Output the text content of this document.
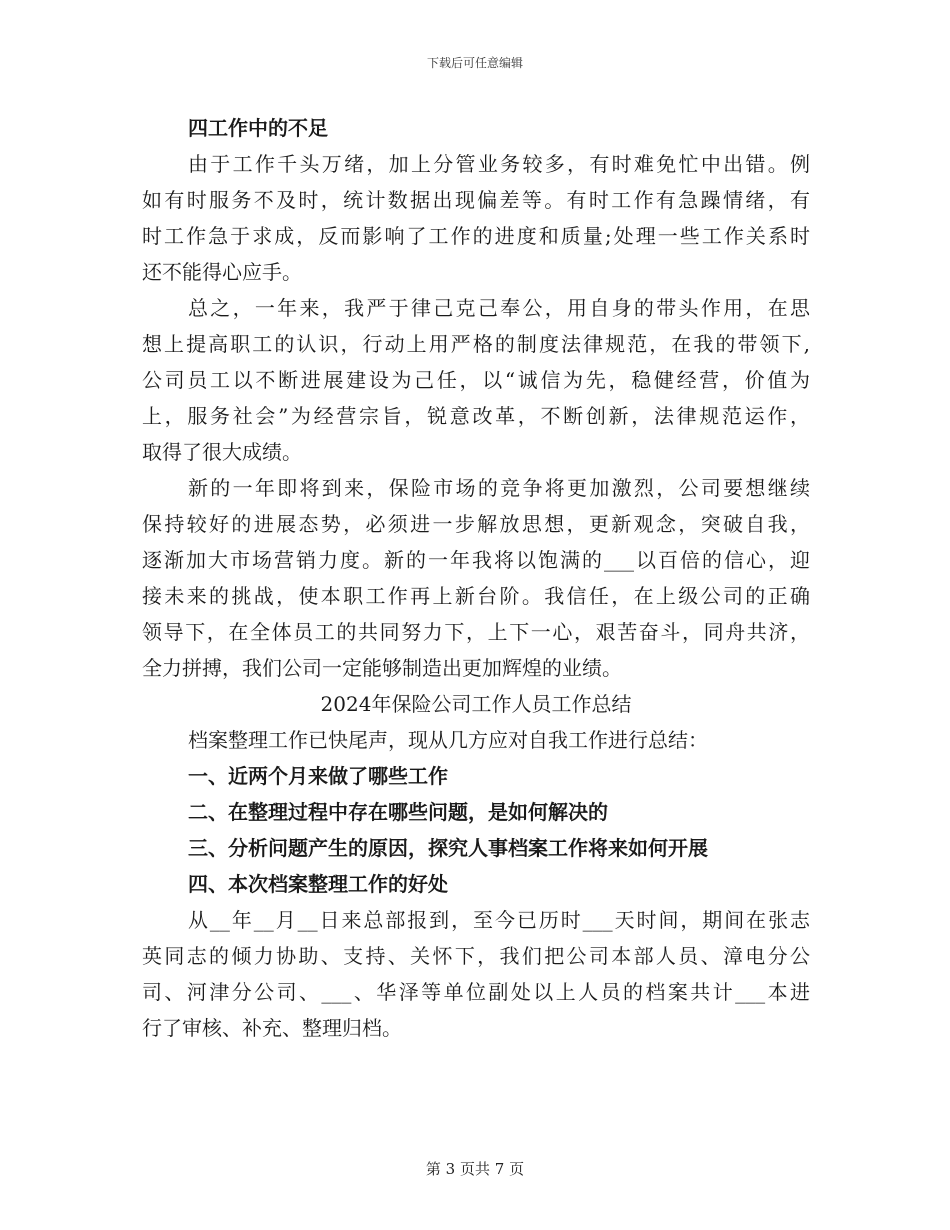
下载后可任意编辑
四工作中的不足
由于工作千头万绪，加上分管业务较多，有时难免忙中出错。例
如有时服务不及时，统计数据出现偏差等。有时工作有急躁情绪，有
时工作急于求成，反而影响了工作的进度和质量;处理一些工作关系时
还不能得心应手。
总之，一年来，我严于律己克己奉公，用自身的带头作用，在思
想上提高职工的认识，行动上用严格的制度法律规范，在我的带领下,
公司员工以不断进展建设为己任，以“诚信为先，稳健经营，价值为
上，服务社会”为经营宗旨，锐意改革，不断创新，法律规范运作，
取得了很大成绩。
新的一年即将到来，保险市场的竞争将更加激烈，公司要想继续
保持较好的进展态势，必须进一步解放思想，更新观念，突破自我，
逐渐加大市场营销力度。新的一年我将以饱满的___以百倍的信心，迎
接未来的挑战，使本职工作再上新台阶。我信任，在上级公司的正确
领导下，在全体员工的共同努力下，上下一心，艰苦奋斗，同舟共济，
全力拼搏，我们公司一定能够制造出更加辉煌的业绩。
2024年保险公司工作人员工作总结
档案整理工作已快尾声，现从几方应对自我工作进行总结：
一、近两个月来做了哪些工作
二、在整理过程中存在哪些问题，是如何解决的
三、分析问题产生的原因，探究人事档案工作将来如何开展
四、本次档案整理工作的好处
从__年__月__日来总部报到，至今已历时___天时间，期间在张志
英同志的倾力协助、支持、关怀下，我们把公司本部人员、漳电分公
司、河津分公司、___、华泽等单位副处以上人员的档案共计___本进
行了审核、补充、整理归档。
第 3 页共 7 页
